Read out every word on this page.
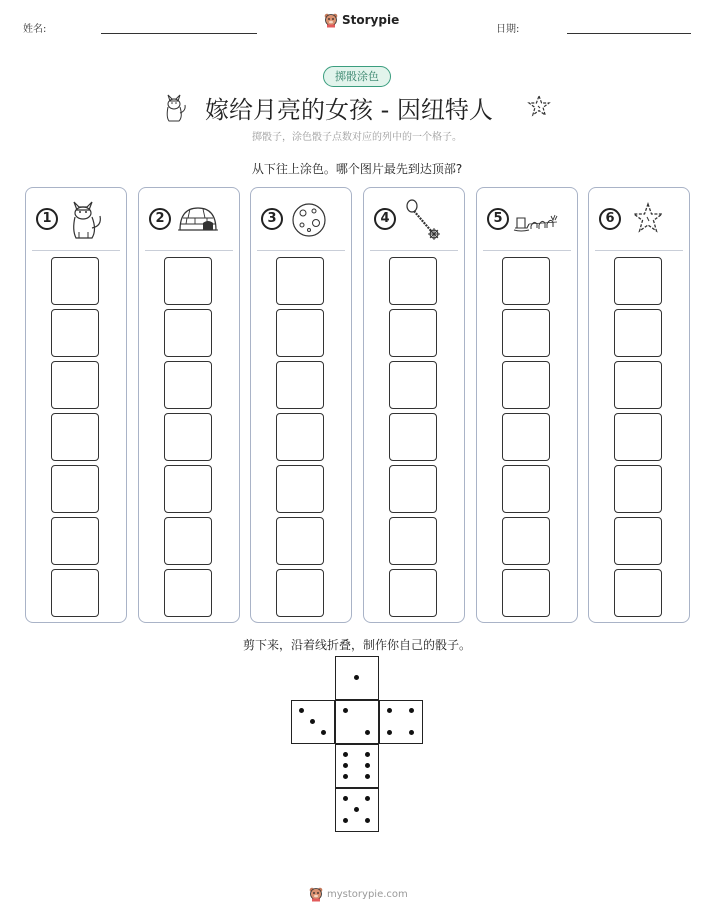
姓名:
Storypie
日期:
掷骰涂色
嫁给月亮的女孩 - 因纽特人
掷骰子，涂色骰子点数对应的列中的一个格子。
从下往上涂色。哪个图片最先到达顶部?
1	2	3	4	5	6
剪下来，沿着线折叠，制作你自己的骰子。
mystorypie.com
